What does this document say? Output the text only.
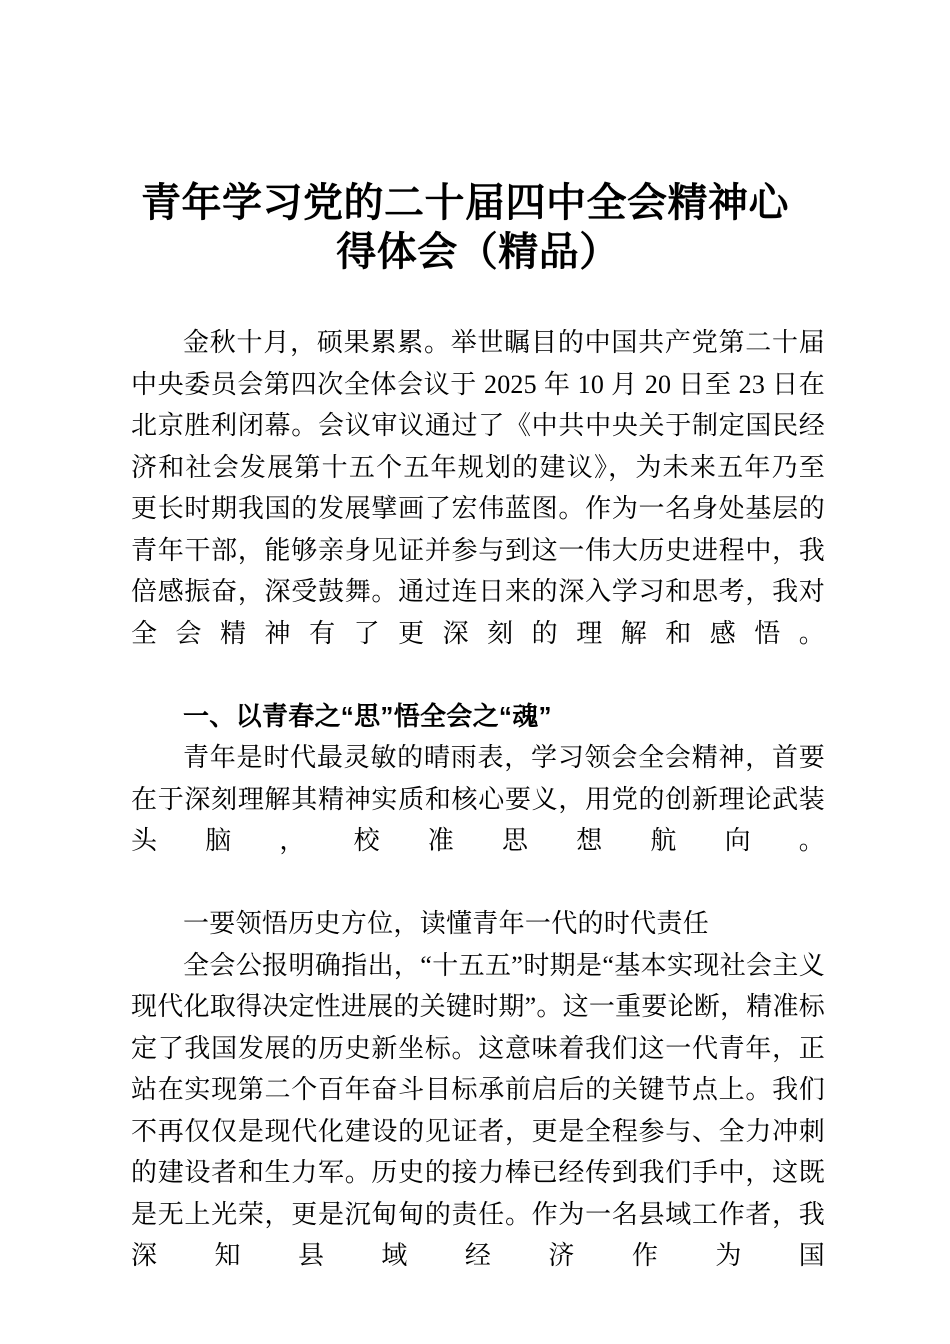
青年学习党的二十届四中全会精神心
得体会（精品）

金秋十月，硕果累累。举世瞩目的中国共产党第二十届中央委员会第四次全体会议于 2025 年 10 月 20 日至 23 日在北京胜利闭幕。会议审议通过了《中共中央关于制定国民经济和社会发展第十五个五年规划的建议》，为未来五年乃至更长时期我国的发展擘画了宏伟蓝图。作为一名身处基层的青年干部，能够亲身见证并参与到这一伟大历史进程中，我倍感振奋，深受鼓舞。通过连日来的深入学习和思考，我对全会精神有了更深刻的理解和感悟。

一、以青春之“思”悟全会之“魂”

青年是时代最灵敏的晴雨表，学习领会全会精神，首要在于深刻理解其精神实质和核心要义，用党的创新理论武装头脑，校准思想航向。

一要领悟历史方位，读懂青年一代的时代责任

全会公报明确指出，“十五五”时期是“基本实现社会主义现代化取得决定性进展的关键时期”。这一重要论断，精准标定了我国发展的历史新坐标。这意味着我们这一代青年，正站在实现第二个百年奋斗目标承前启后的关键节点上。我们不再仅仅是现代化建设的见证者，更是全程参与、全力冲刺的建设者和生力军。历史的接力棒已经传到我们手中，这既是无上光荣，更是沉甸甸的责任。作为一名县域工作者，我深知县域经济作为国
